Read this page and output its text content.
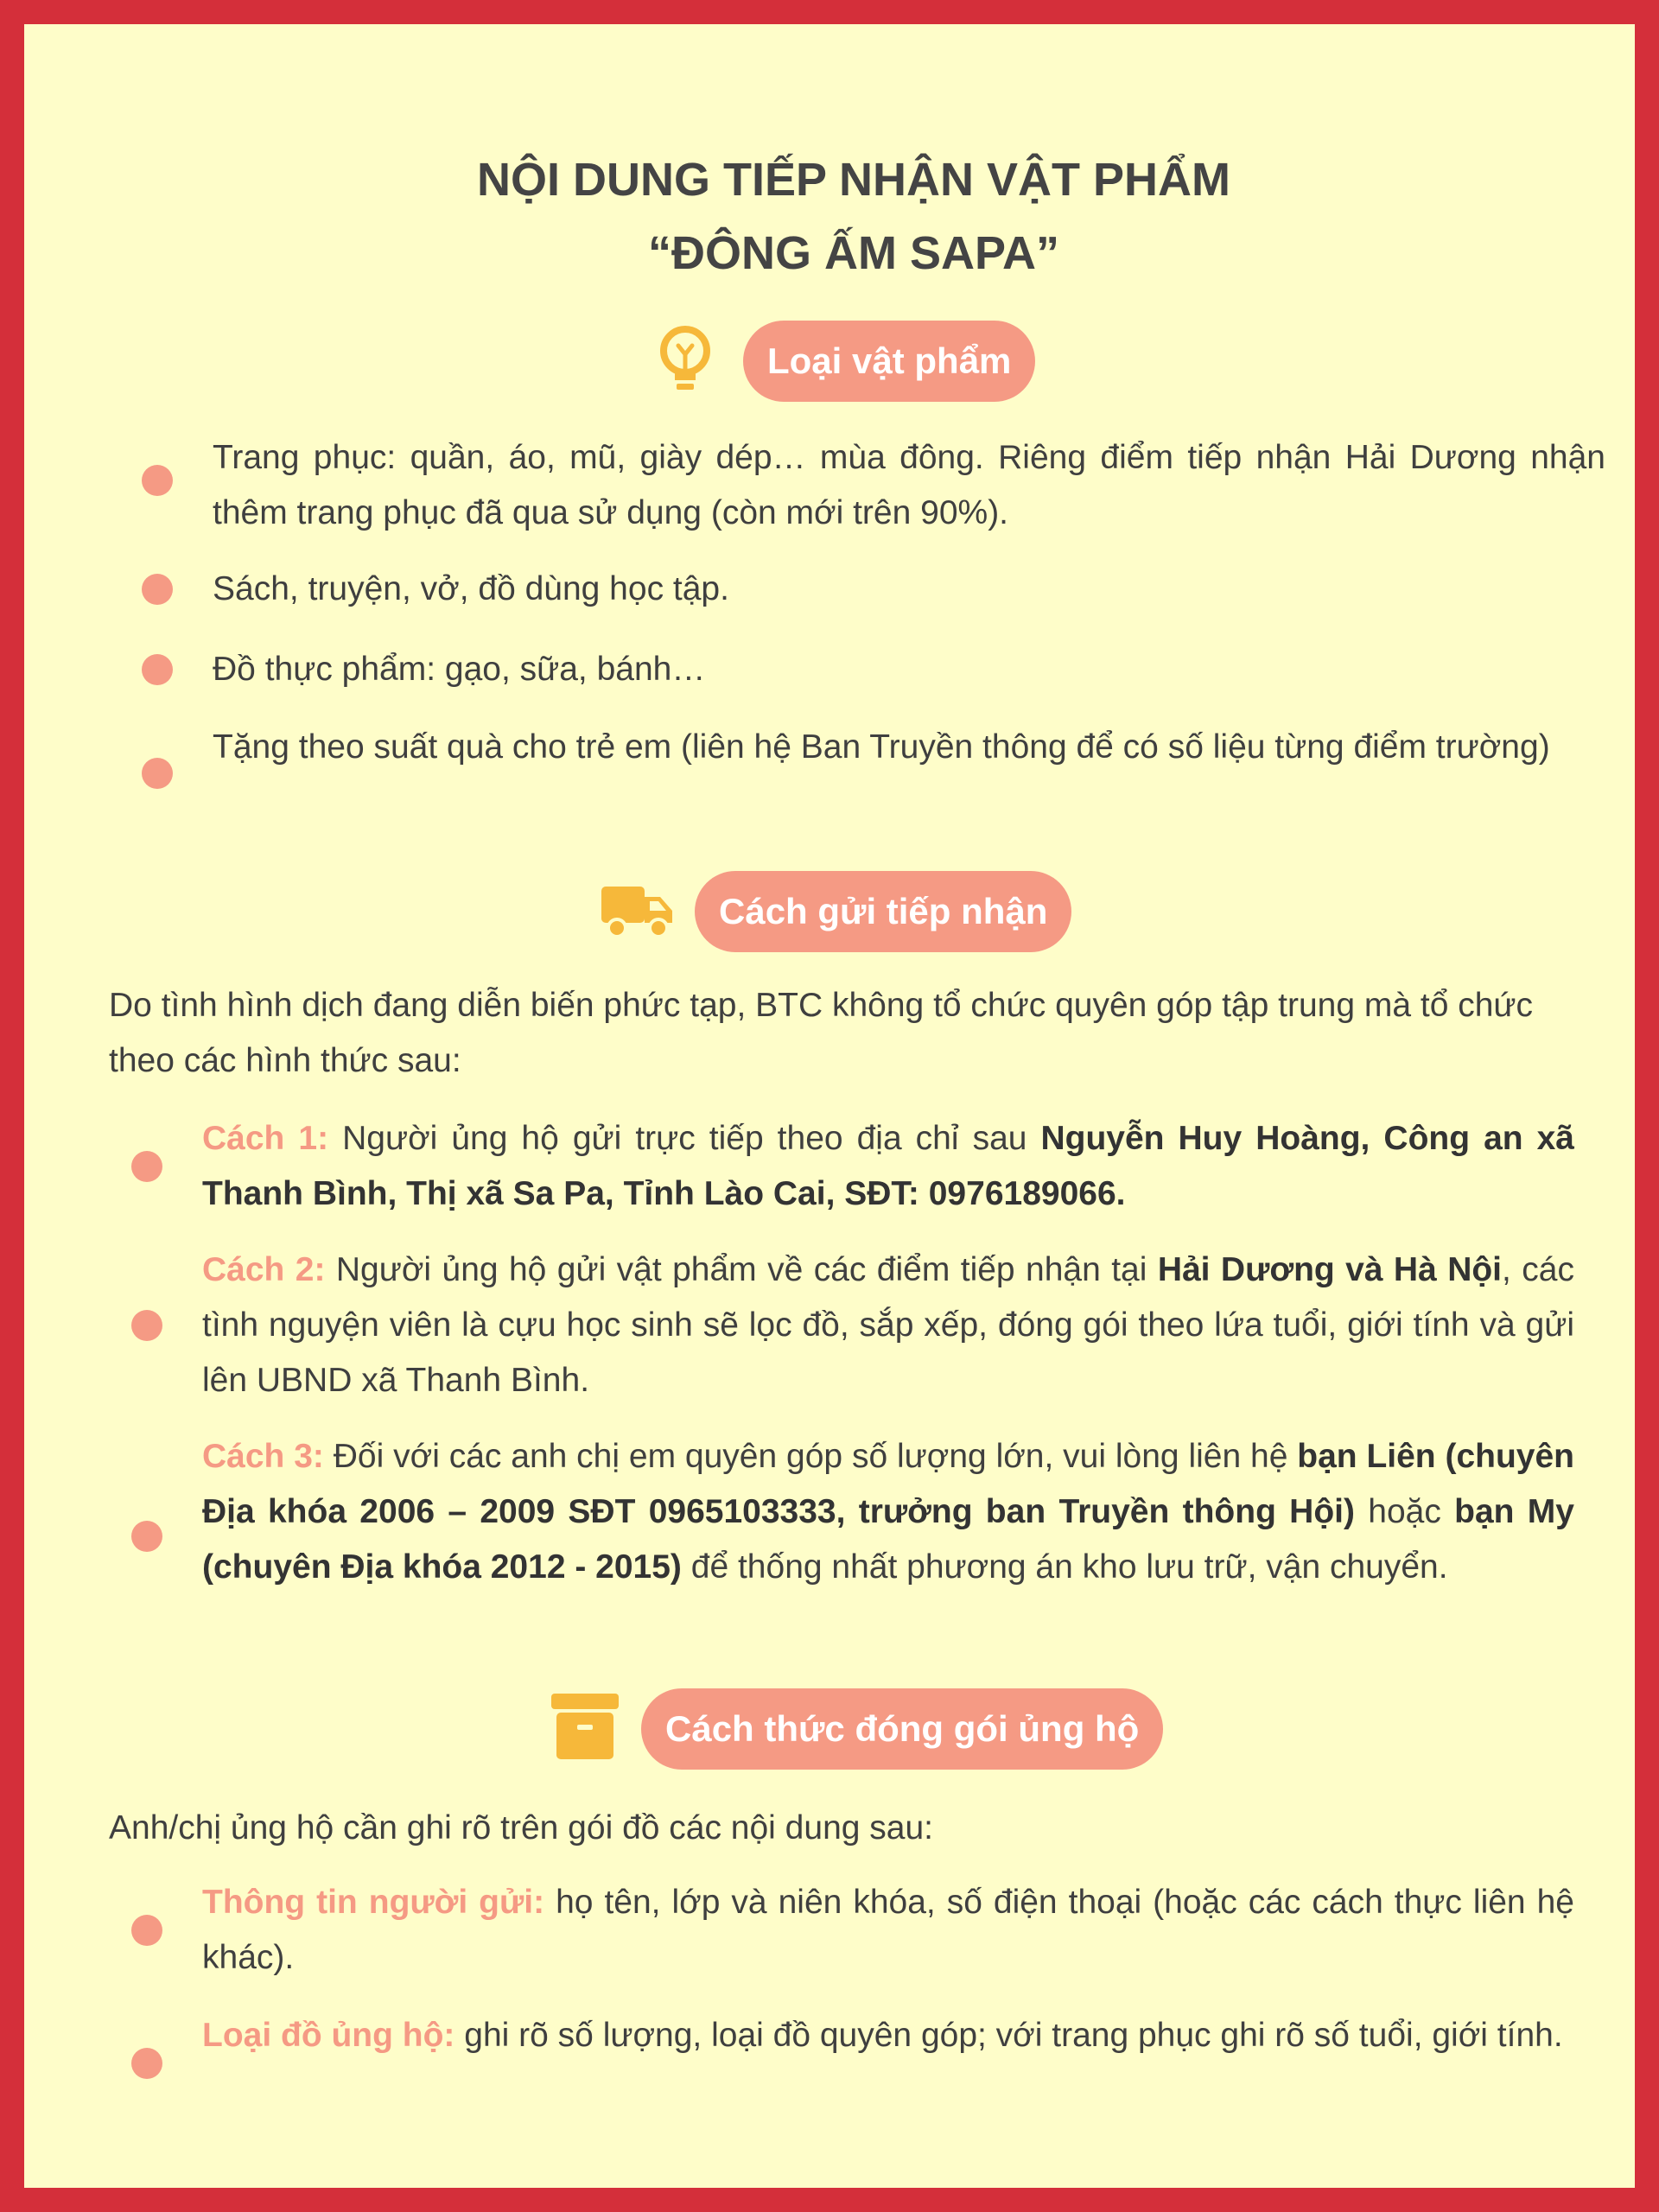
NỘI DUNG TIẾP NHẬN VẬT PHẨM
“ĐÔNG ẤM SAPA”
Loại vật phẩm
Trang phục: quần, áo, mũ, giày dép… mùa đông. Riêng điểm tiếp nhận Hải Dương nhận thêm trang phục đã qua sử dụng (còn mới trên 90%).
Sách, truyện, vở, đồ dùng học tập.
Đồ thực phẩm: gạo, sữa, bánh…
Tặng theo suất quà cho trẻ em (liên hệ Ban Truyền thông để có số liệu từng điểm trường)
Cách gửi tiếp nhận
Do tình hình dịch đang diễn biến phức tạp, BTC không tổ chức quyên góp tập trung mà tổ chức theo các hình thức sau:
Cách 1: Người ủng hộ gửi trực tiếp theo địa chỉ sau Nguyễn Huy Hoàng, Công an xã Thanh Bình, Thị xã Sa Pa, Tỉnh Lào Cai, SĐT: 0976189066.
Cách 2: Người ủng hộ gửi vật phẩm về các điểm tiếp nhận tại Hải Dương và Hà Nội, các tình nguyện viên là cựu học sinh sẽ lọc đồ, sắp xếp, đóng gói theo lứa tuổi, giới tính và gửi lên UBND xã Thanh Bình.
Cách 3: Đối với các anh chị em quyên góp số lượng lớn, vui lòng liên hệ bạn Liên (chuyên Địa khóa 2006 – 2009 SĐT 0965103333, trưởng ban Truyền thông Hội) hoặc bạn My (chuyên Địa khóa 2012 - 2015) để thống nhất phương án kho lưu trữ, vận chuyển.
Cách thức đóng gói ủng hộ
Anh/chị ủng hộ cần ghi rõ trên gói đồ các nội dung sau:
Thông tin người gửi: họ tên, lớp và niên khóa, số điện thoại (hoặc các cách thực liên hệ khác).
Loại đồ ủng hộ: ghi rõ số lượng, loại đồ quyên góp; với trang phục ghi rõ số tuổi, giới tính.
